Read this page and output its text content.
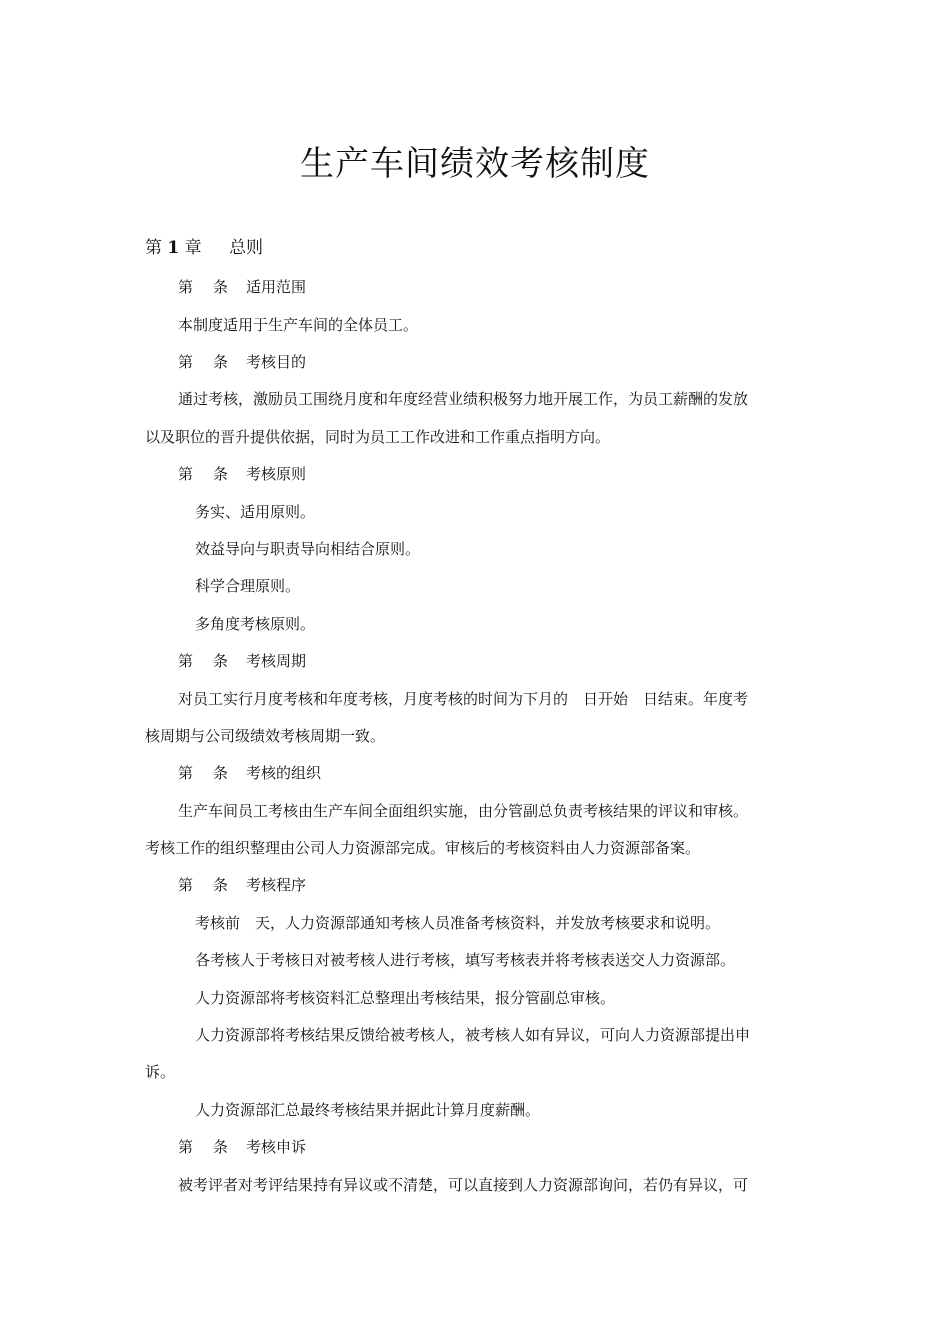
生产车间绩效考核制度
第 1 章 总则
第 条 适用范围
本制度适用于生产车间的全体员工。
第 条 考核目的
通过考核，激励员工围绕月度和年度经营业绩积极努力地开展工作，为员工薪酬的发放
以及职位的晋升提供依据，同时为员工工作改进和工作重点指明方向。
第 条 考核原则
务实、适用原则。
效益导向与职责导向相结合原则。
科学合理原则。
多角度考核原则。
第 条 考核周期
对员工实行月度考核和年度考核，月度考核的时间为下月的 日开始 日结束。年度考
核周期与公司级绩效考核周期一致。
第 条 考核的组织
生产车间员工考核由生产车间全面组织实施，由分管副总负责考核结果的评议和审核。
考核工作的组织整理由公司人力资源部完成。审核后的考核资料由人力资源部备案。
第 条 考核程序
考核前 天，人力资源部通知考核人员准备考核资料，并发放考核要求和说明。
各考核人于考核日对被考核人进行考核，填写考核表并将考核表送交人力资源部。
人力资源部将考核资料汇总整理出考核结果，报分管副总审核。
人力资源部将考核结果反馈给被考核人，被考核人如有异议，可向人力资源部提出申
诉。
人力资源部汇总最终考核结果并据此计算月度薪酬。
第 条 考核申诉
被考评者对考评结果持有异议或不清楚，可以直接到人力资源部询问，若仍有异议，可
